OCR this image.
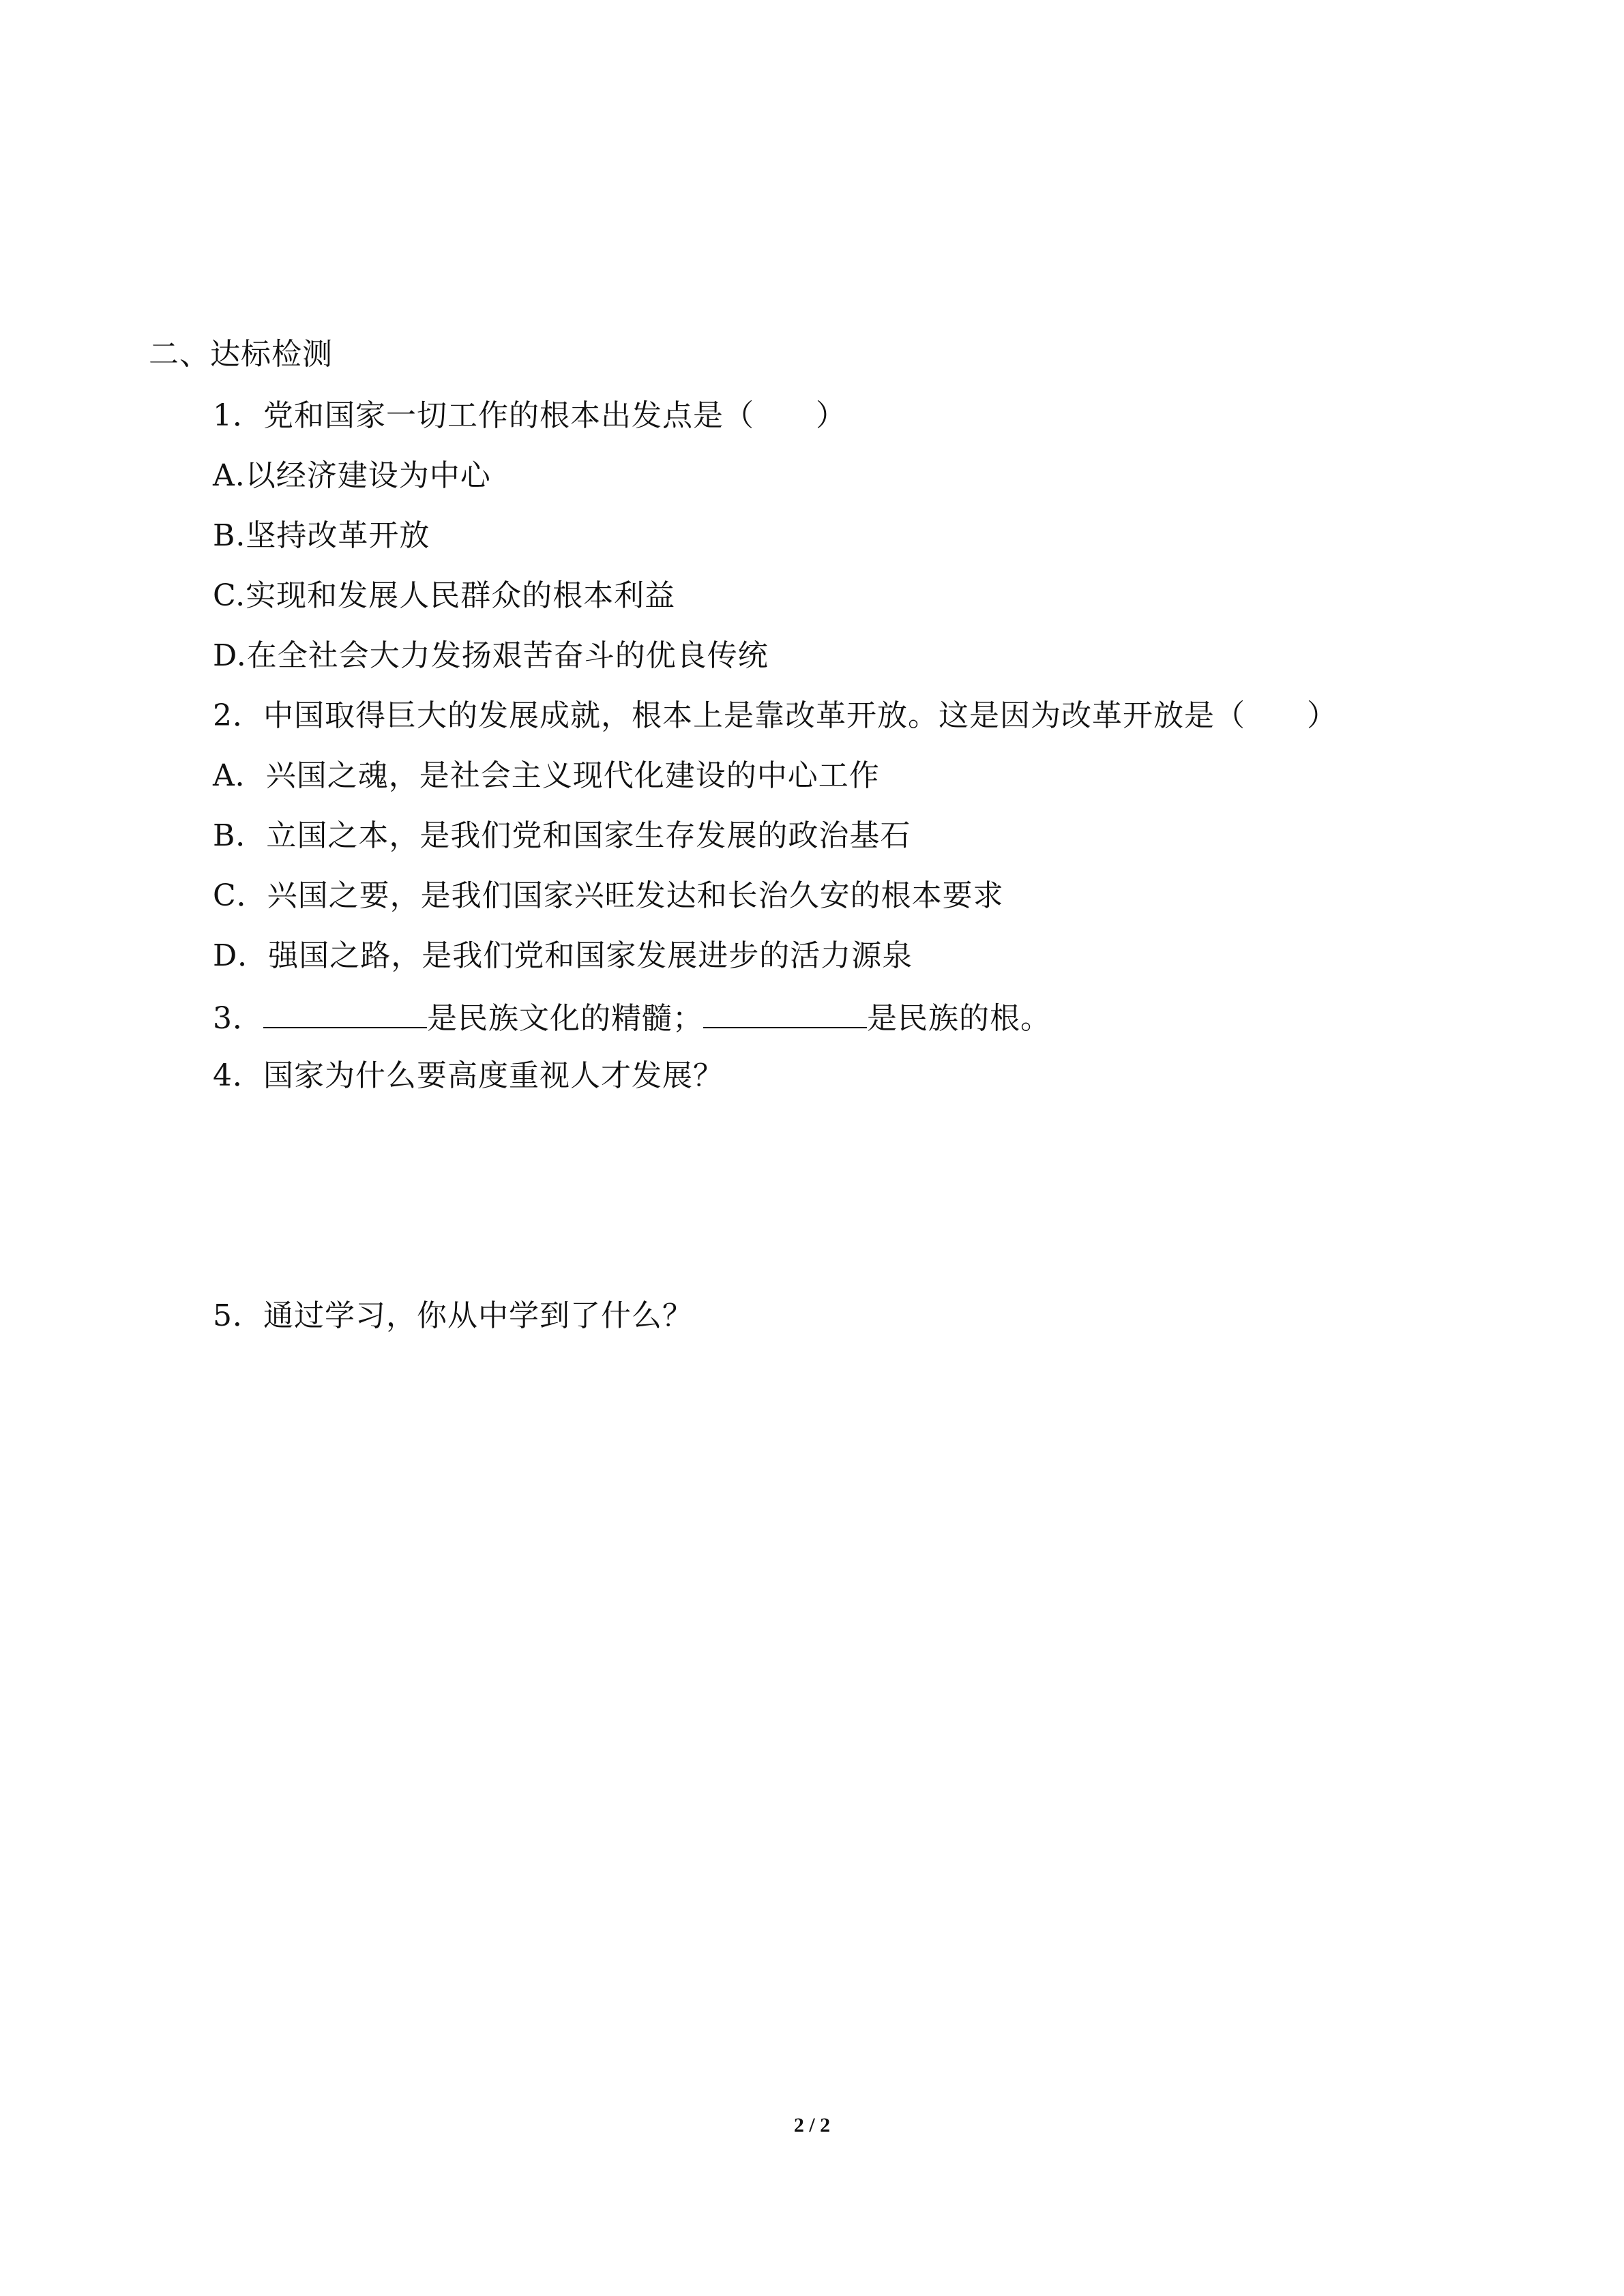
二、达标检测
1．党和国家一切工作的根本出发点是（ ）
A.以经济建设为中心
B.坚持改革开放
C.实现和发展人民群众的根本利益
D.在全社会大力发扬艰苦奋斗的优良传统
2．中国取得巨大的发展成就，根本上是靠改革开放。这是因为改革开放是（ ）
A．兴国之魂，是社会主义现代化建设的中心工作
B．立国之本，是我们党和国家生存发展的政治基石
C．兴国之要，是我们国家兴旺发达和长治久安的根本要求
D．强国之路，是我们党和国家发展进步的活力源泉
3．	是民族文化的精髓；	是民族的根。
4．国家为什么要高度重视人才发展？
5．通过学习，你从中学到了什么？
2 / 2
